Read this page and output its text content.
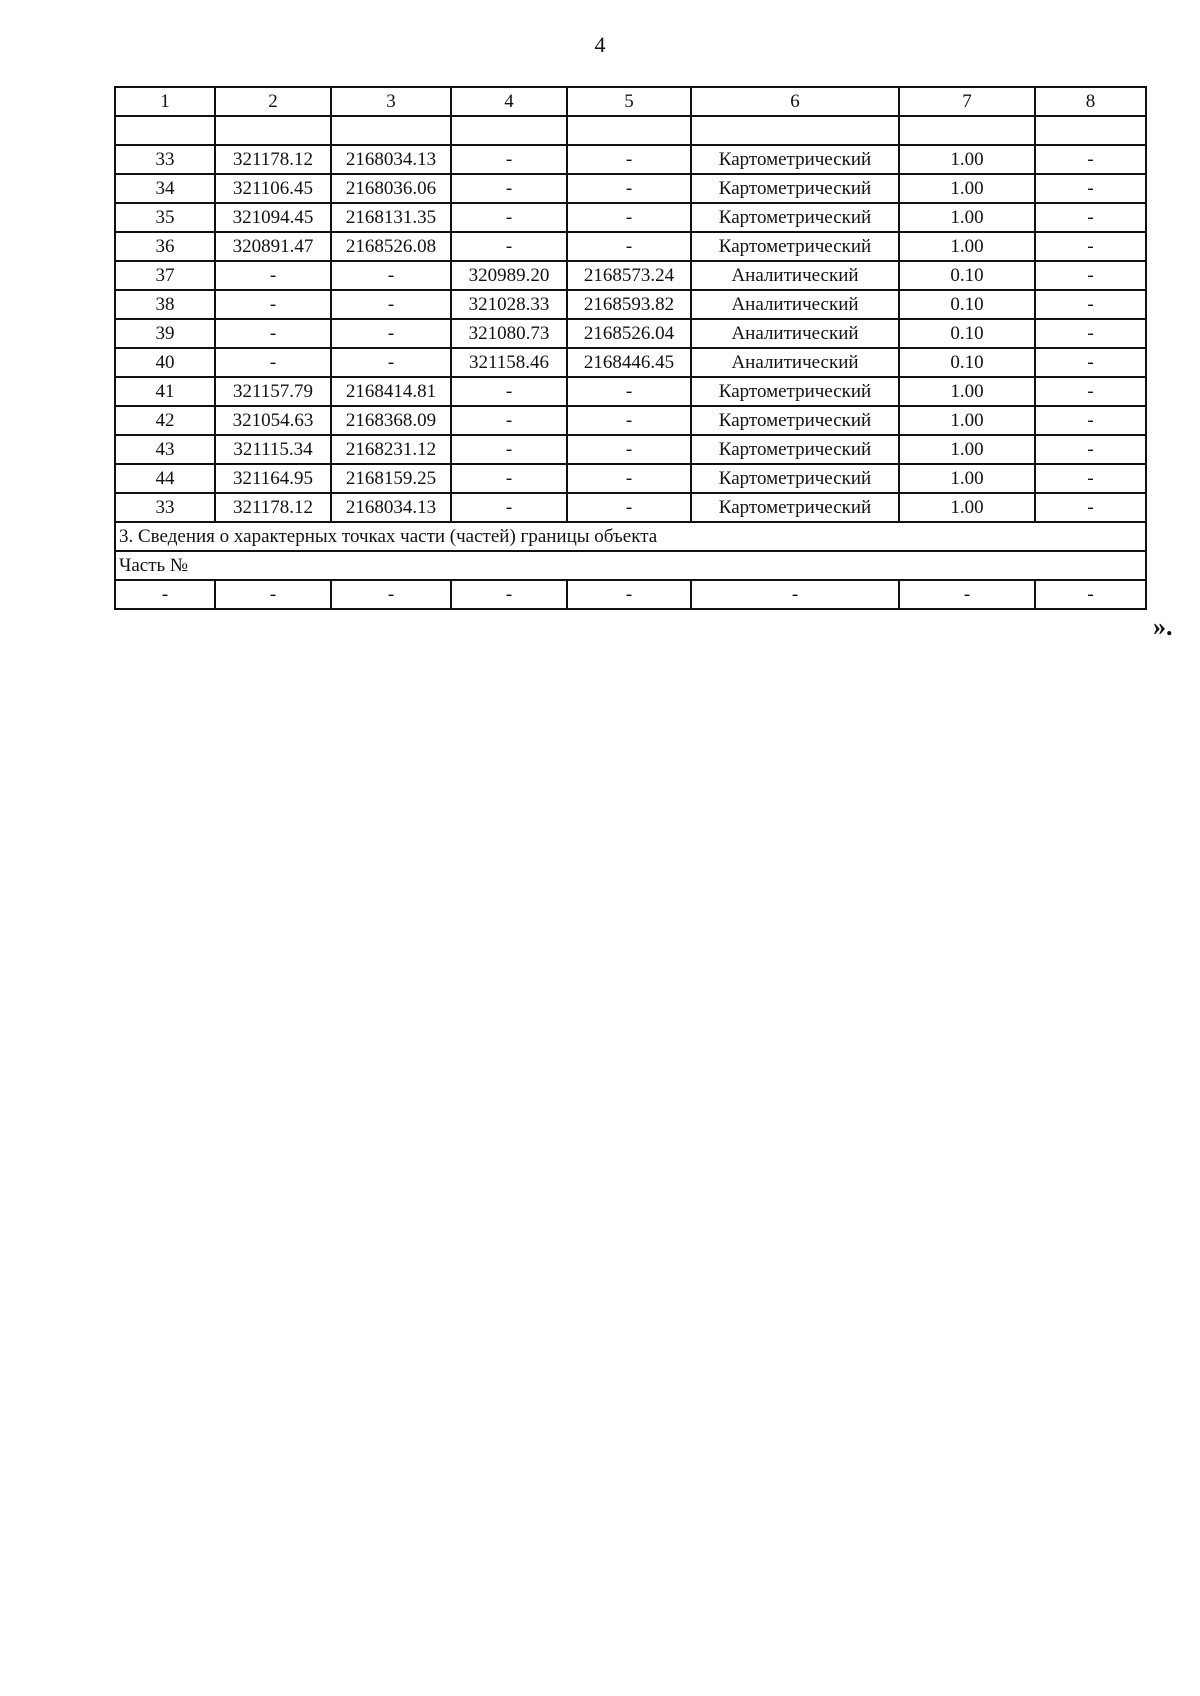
4
1	2	3	4	5	6	7	8

33	321178.12	2168034.13	-	-	Картометрический	1.00	-
34	321106.45	2168036.06	-	-	Картометрический	1.00	-
35	321094.45	2168131.35	-	-	Картометрический	1.00	-
36	320891.47	2168526.08	-	-	Картометрический	1.00	-
37	-	-	320989.20	2168573.24	Аналитический	0.10	-
38	-	-	321028.33	2168593.82	Аналитический	0.10	-
39	-	-	321080.73	2168526.04	Аналитический	0.10	-
40	-	-	321158.46	2168446.45	Аналитический	0.10	-
41	321157.79	2168414.81	-	-	Картометрический	1.00	-
42	321054.63	2168368.09	-	-	Картометрический	1.00	-
43	321115.34	2168231.12	-	-	Картометрический	1.00	-
44	321164.95	2168159.25	-	-	Картометрический	1.00	-
33	321178.12	2168034.13	-	-	Картометрический	1.00	-
3. Сведения о характерных точках части (частей) границы объекта							
Часть №							
-	-	-	-	-	-	-	-
».
